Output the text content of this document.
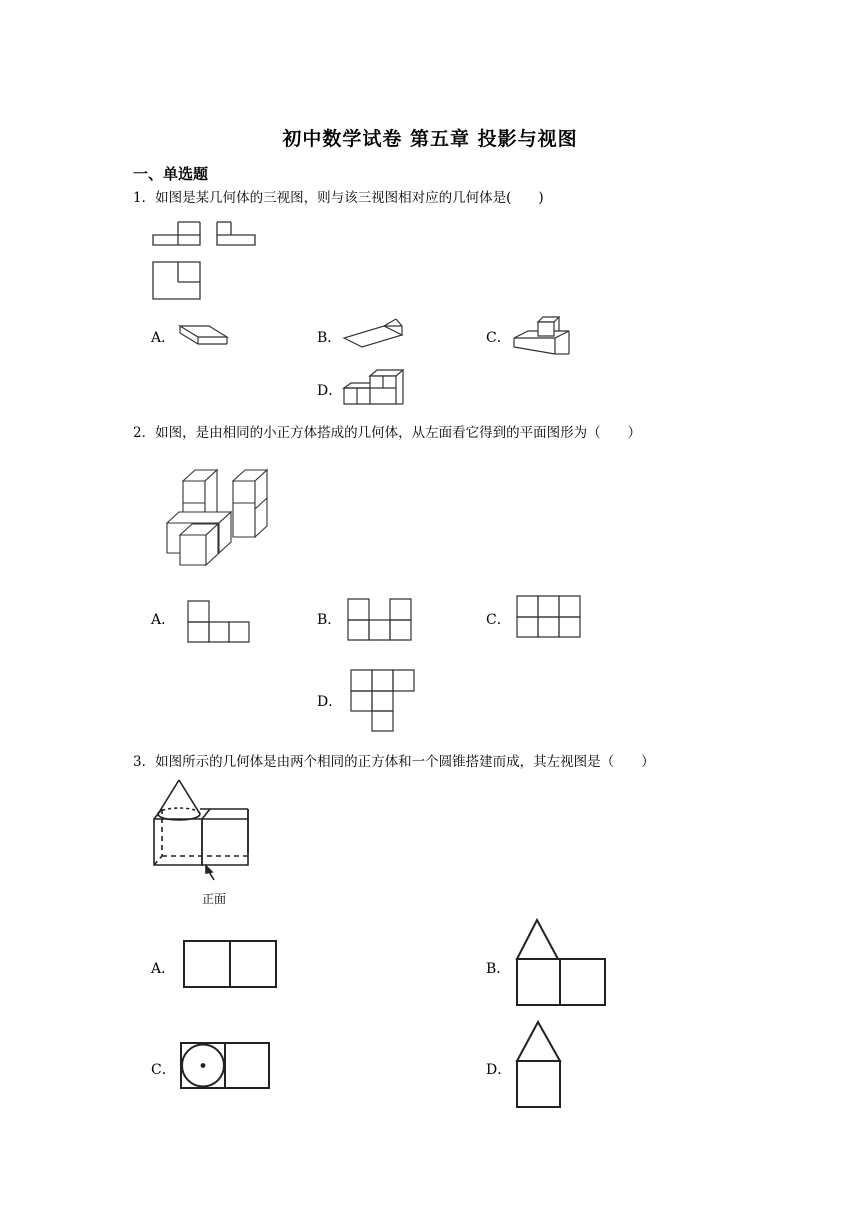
初中数学试卷 第五章 投影与视图
一、单选题
1．如图是某几何体的三视图，则与该三视图相对应的几何体是(　　)
A．	B．	C．
D．
2．如图，是由相同的小正方体搭成的几何体，从左面看它得到的平面图形为（　　）
A．	B．	C．
D．
3．如图所示的几何体是由两个相同的正方体和一个圆锥搭建而成，其左视图是（　　）
正面
A．	B．
C．	D．
